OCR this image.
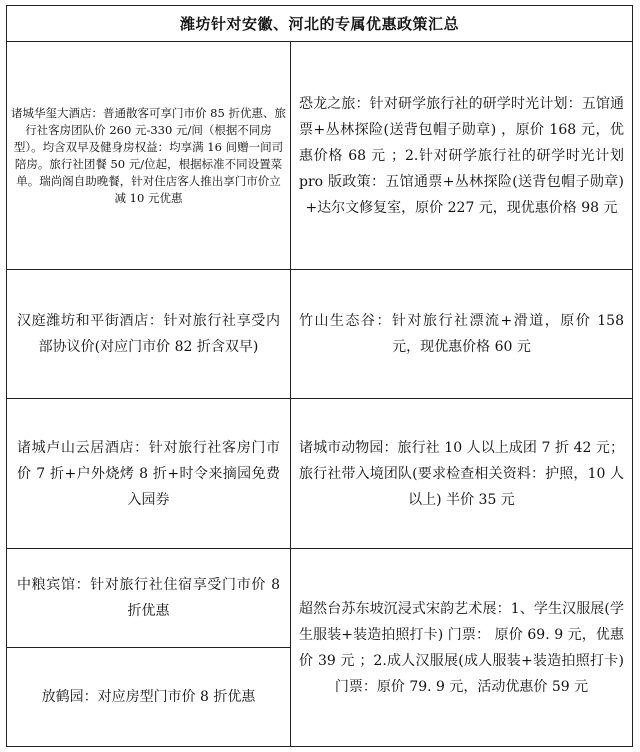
潍坊针对安徽、河北的专属优惠政策汇总
诸城华玺大酒店：普通散客可享门市价 85 折优惠、旅行社客房团队价 260 元-330 元/间（根据不同房型）。均含双早及健身房权益：均享满 16 间赠一间司陪房。旅行社团餐 50 元/位起，根据标准不同设置菜单。瑞尚阁自助晚餐，针对住店客人推出享门市价立减 10 元优惠
汉庭潍坊和平街酒店：针对旅行社享受内部协议价(对应门市价 82 折含双早)
诸城卢山云居酒店：针对旅行社客房门市价 7 折+户外烧烤 8 折+时令来摘园免费入园券
中粮宾馆：针对旅行社住宿享受门市价 8 折优惠
放鹤园：对应房型门市价 8 折优惠
恐龙之旅：针对研学旅行社的研学时光计划：五馆通票+丛林探险(送背包帽子勋章) ，原价 168 元，优惠价格 68 元 ；2.针对研学旅行社的研学时光计划 pro 版政策：五馆通票+丛林探险(送背包帽子勋章) +达尔文修复室，原价 227 元，现优惠价格 98 元
竹山生态谷：针对旅行社漂流+滑道，原价 158 元，现优惠价格 60 元
诸城市动物园：旅行社 10 人以上成团 7 折 42 元；旅行社带入境团队(要求检查相关资料：护照，10 人以上) 半价 35 元
超然台苏东坡沉浸式宋韵艺术展：1、学生汉服展(学生服装+装造拍照打卡) 门票： 原价 69. 9 元，优惠价 39 元 ；2.成人汉服展(成人服装+装造拍照打卡) 门票：原价 79. 9 元，活动优惠价 59 元
